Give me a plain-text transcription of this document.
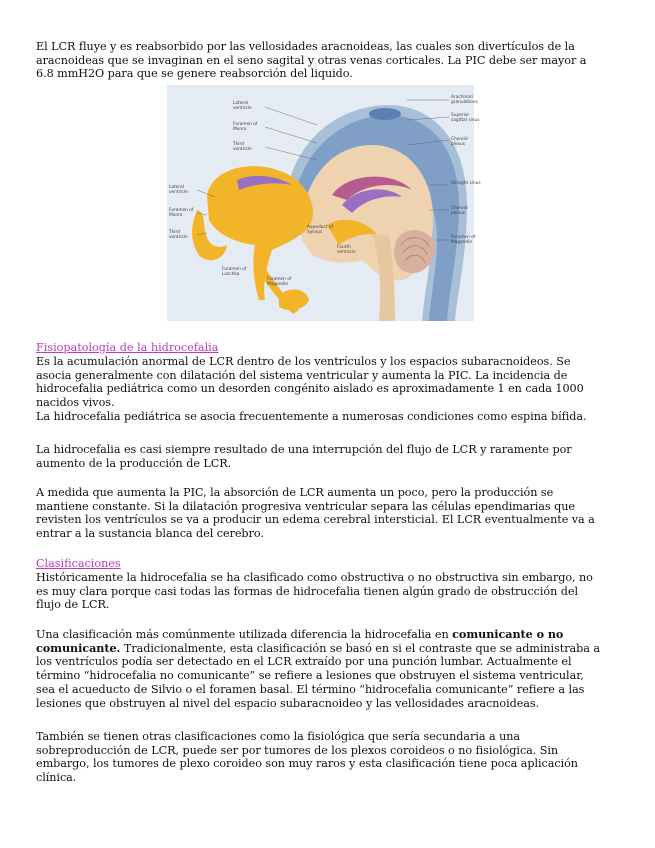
El LCR fluye y es reabsorbido por las vellosidades aracnoideas, las cuales son divertículos de la
aracnoideas que se invaginan en el seno sagital y otras venas corticales. La PIC debe ser mayor a
6.8 mmH2O para que se genere reabsorción del liquido.

Lateral ventricle
Foramen of Monro
Third ventricle
Lateral ventricle
Foramen of Monro
Third ventricle
Foramen of Luschka
Foramen of Magendie
Aqueduct of Sylvius
Fourth ventricle
Arachnoid granulations
Superior sagittal sinus
Choroid plexus
Straight sinus
Choroid plexus
Foramen of Magendie
Fisiopatología de la hidrocefalia

Es la acumulación anormal de LCR dentro de los ventrículos y los espacios subaracnoideos. Se
asocia generalmente con dilatación del sistema ventricular y aumenta la PIC. La incidencia de
hidrocefalia pediátrica como un desorden congénito aislado es aproximadamente 1 en cada 1000
nacidos vivos.
La hidrocefalia pediátrica se asocia frecuentemente a numerosas condiciones como espina bífida.

La hidrocefalia es casi siempre resultado de una interrupción del flujo de LCR y raramente por
aumento de la producción de LCR.

A medida que aumenta la PIC, la absorción de LCR aumenta un poco, pero la producción se
mantiene constante. Si la dilatación progresiva ventricular separa las células ependimarias que
revisten los ventrículos se va a producir un edema cerebral intersticial. El LCR eventualmente va a
entrar a la sustancia blanca del cerebro.

Clasificaciones

Históricamente la hidrocefalia se ha clasificado como obstructiva o no obstructiva sin embargo, no
es muy clara porque casi todas las formas de hidrocefalia tienen algún grado de obstrucción del
flujo de LCR.

Una clasificación más comúnmente utilizada diferencia la hidrocefalia en comunicante o no
comunicante. Tradicionalmente, esta clasificación se basó en si el contraste que se administraba a
los ventrículos podía ser detectado en el LCR extraído por una punción lumbar. Actualmente el
término “hidrocefalia no comunicante” se refiere a lesiones que obstruyen el sistema ventricular,
sea el acueducto de Silvio o el foramen basal. El término “hidrocefalia comunicante” refiere a las
lesiones que obstruyen al nivel del espacio subaracnoideo y las vellosidades aracnoideas.

También se tienen otras clasificaciones como la fisiológica que sería secundaria a una
sobreproducción de LCR, puede ser por tumores de los plexos coroideos o no fisiológica. Sin
embargo, los tumores de plexo coroideo son muy raros y esta clasificación tiene poca aplicación
clínica.
